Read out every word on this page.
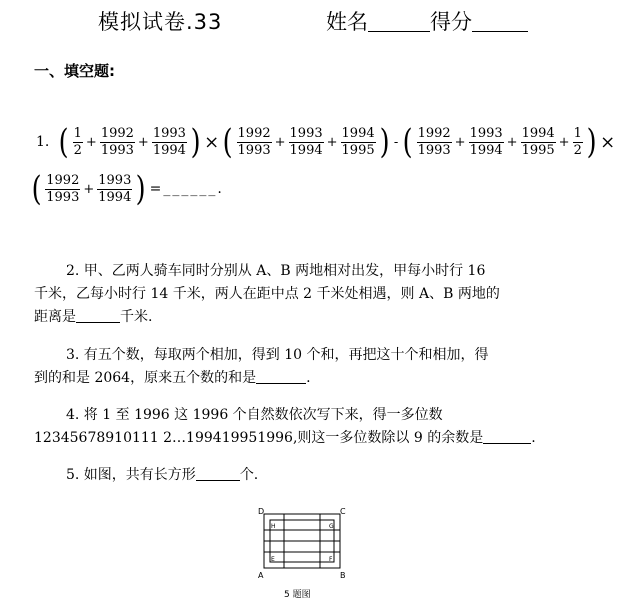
模拟试卷.33	姓名	得分
一、填空题:
1. ( $\frac{1}{2} + \frac{1992}{1993} + \frac{1993}{1994}$ ) × ( $\frac{1992}{1993} + \frac{1993}{1994} + \frac{1994}{1995}$ ) - ( $\frac{1992}{1993} + \frac{1993}{1994} + \frac{1994}{1995} + \frac{1}{2}$ ) ×
( $\frac{1992}{1993} + \frac{1993}{1994}$ ) = ______ .
2. 甲、乙两人骑车同时分别从 A、B 两地相对出发，甲每小时行 16
千米，乙每小时行 14 千米，两人在距中点 2 千米处相遇，则 A、B 两地的
距离是	千米.
3. 有五个数，每取两个相加，得到 10 个和，再把这十个和相加，得
到的和是 2064，原来五个数的和是	.
4. 将 1 至 1996 这 1996 个自然数依次写下来，得一多位数
12345678910111 2…199419951996,则这一多位数除以 9 的余数是	.
5. 如图，共有长方形	个.
D	C
A	B
H	G
E	F
5 题图
